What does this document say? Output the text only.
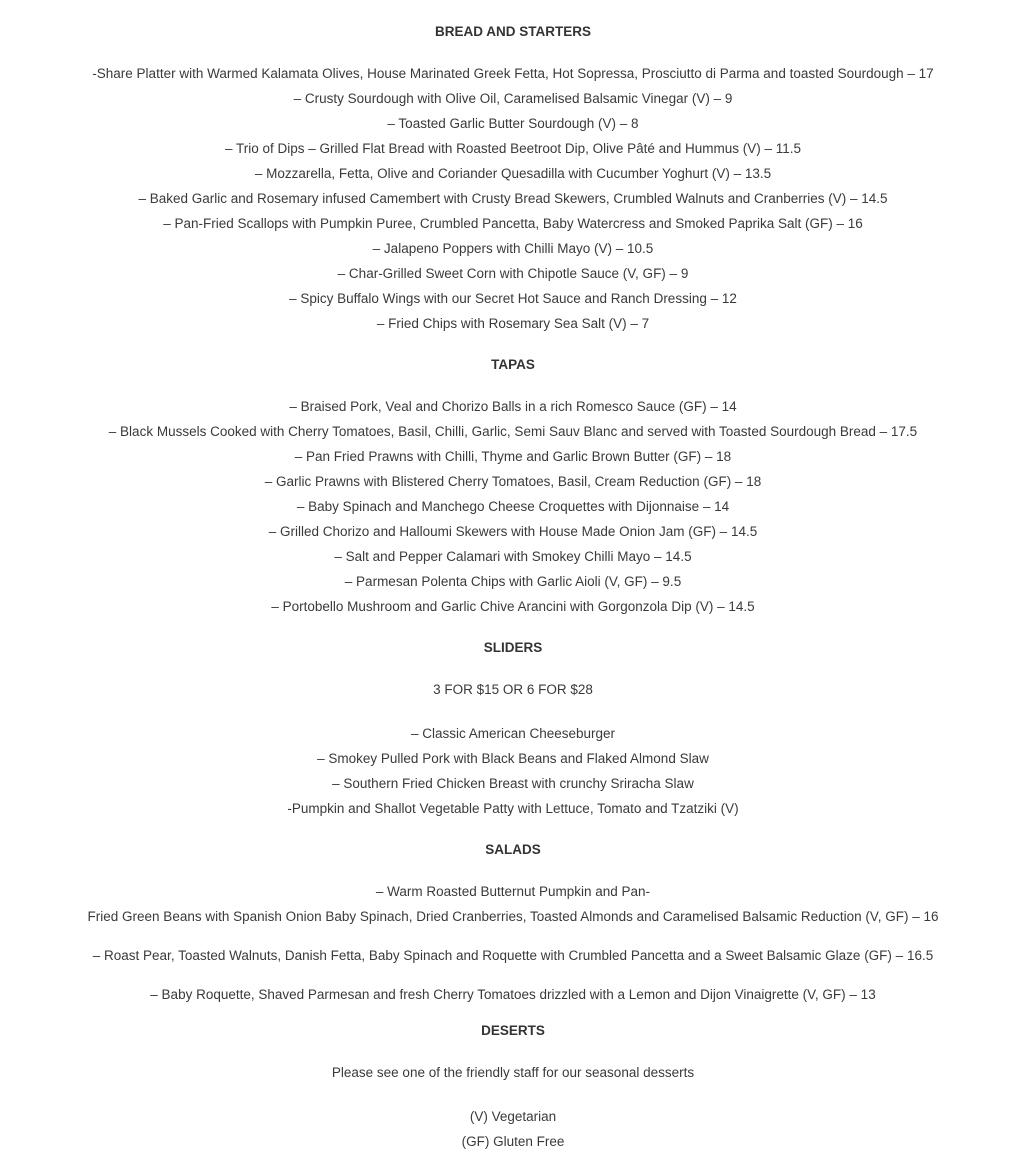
BREAD AND STARTERS
-Share Platter with Warmed Kalamata Olives, House Marinated Greek Fetta, Hot Sopressa, Prosciutto di Parma and toasted Sourdough – 17
– Crusty Sourdough with Olive Oil, Caramelised Balsamic Vinegar (V) – 9
– Toasted Garlic Butter Sourdough (V) – 8
– Trio of Dips – Grilled Flat Bread with Roasted Beetroot Dip, Olive Pâté and Hummus (V) – 11.5
– Mozzarella, Fetta, Olive and Coriander Quesadilla with Cucumber Yoghurt (V) – 13.5
– Baked Garlic and Rosemary infused Camembert with Crusty Bread Skewers, Crumbled Walnuts and Cranberries (V) – 14.5
– Pan-Fried Scallops with Pumpkin Puree, Crumbled Pancetta, Baby Watercress and Smoked Paprika Salt (GF) – 16
– Jalapeno Poppers with Chilli Mayo (V) – 10.5
– Char-Grilled Sweet Corn with Chipotle Sauce (V, GF) – 9
– Spicy Buffalo Wings with our Secret Hot Sauce and Ranch Dressing – 12
– Fried Chips with Rosemary Sea Salt (V) – 7
TAPAS
– Braised Pork, Veal and Chorizo Balls in a rich Romesco Sauce (GF) – 14
– Black Mussels Cooked with Cherry Tomatoes, Basil, Chilli, Garlic, Semi Sauv Blanc and served with Toasted Sourdough Bread – 17.5
– Pan Fried Prawns with Chilli, Thyme and Garlic Brown Butter (GF) – 18
– Garlic Prawns with Blistered Cherry Tomatoes, Basil, Cream Reduction (GF) – 18
– Baby Spinach and Manchego Cheese Croquettes with Dijonnaise – 14
– Grilled Chorizo and Halloumi Skewers with House Made Onion Jam (GF) – 14.5
– Salt and Pepper Calamari with Smokey Chilli Mayo – 14.5
– Parmesan Polenta Chips with Garlic Aioli (V, GF) – 9.5
– Portobello Mushroom and Garlic Chive Arancini with Gorgonzola Dip (V) – 14.5
SLIDERS
3 FOR $15 OR 6 FOR $28
– Classic American Cheeseburger
– Smokey Pulled Pork with Black Beans and Flaked Almond Slaw
– Southern Fried Chicken Breast with crunchy Sriracha Slaw
-Pumpkin and Shallot Vegetable Patty with Lettuce, Tomato and Tzatziki (V)
SALADS
– Warm Roasted Butternut Pumpkin and Pan-
Fried Green Beans with Spanish Onion Baby Spinach, Dried Cranberries, Toasted Almonds and Caramelised Balsamic Reduction (V, GF) – 16
– Roast Pear, Toasted Walnuts, Danish Fetta, Baby Spinach and Roquette with Crumbled Pancetta and a Sweet Balsamic Glaze (GF) – 16.5
– Baby Roquette, Shaved Parmesan and fresh Cherry Tomatoes drizzled with a Lemon and Dijon Vinaigrette (V, GF) – 13
DESERTS
Please see one of the friendly staff for our seasonal desserts
(V) Vegetarian
(GF) Gluten Free
